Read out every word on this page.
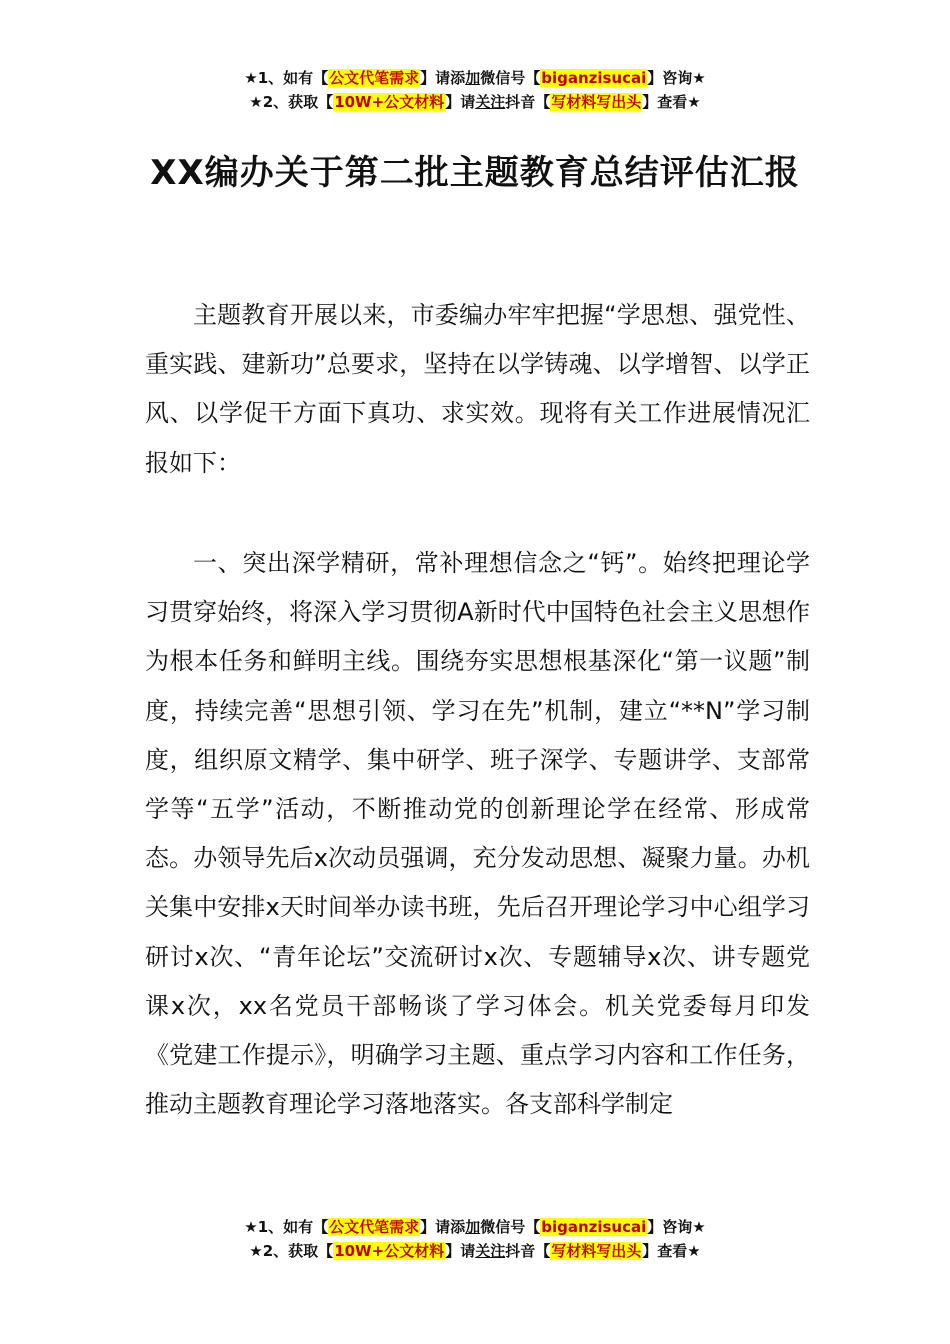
★1、如有【公文代笔需求】请添加微信号【biganzisucai】咨询★
★2、获取【10W+公文材料】请关注抖音【写材料写出头】查看★
XX编办关于第二批主题教育总结评估汇报

主题教育开展以来，市委编办牢牢把握“学思想、强党性、重实践、建新功”总要求，坚持在以学铸魂、以学增智、以学正风、以学促干方面下真功、求实效。现将有关工作进展情况汇报如下：

一、突出深学精研，常补理想信念之“钙”。始终把理论学习贯穿始终，将深入学习贯彻A新时代中国特色社会主义思想作为根本任务和鲜明主线。围绕夯实思想根基深化“第一议题”制度，持续完善“思想引领、学习在先”机制，建立“**N”学习制度，组织原文精学、集中研学、班子深学、专题讲学、支部常学等“五学”活动，不断推动党的创新理论学在经常、形成常态。办领导先后x次动员强调，充分发动思想、凝聚力量。办机关集中安排x天时间举办读书班，先后召开理论学习中心组学习研讨x次、“青年论坛”交流研讨x次、专题辅导x次、讲专题党课x次，xx名党员干部畅谈了学习体会。机关党委每月印发《党建工作提示》，明确学习主题、重点学习内容和工作任务，推动主题教育理论学习落地落实。各支部科学制定

★1、如有【公文代笔需求】请添加微信号【biganzisucai】咨询★
★2、获取【10W+公文材料】请关注抖音【写材料写出头】查看★
